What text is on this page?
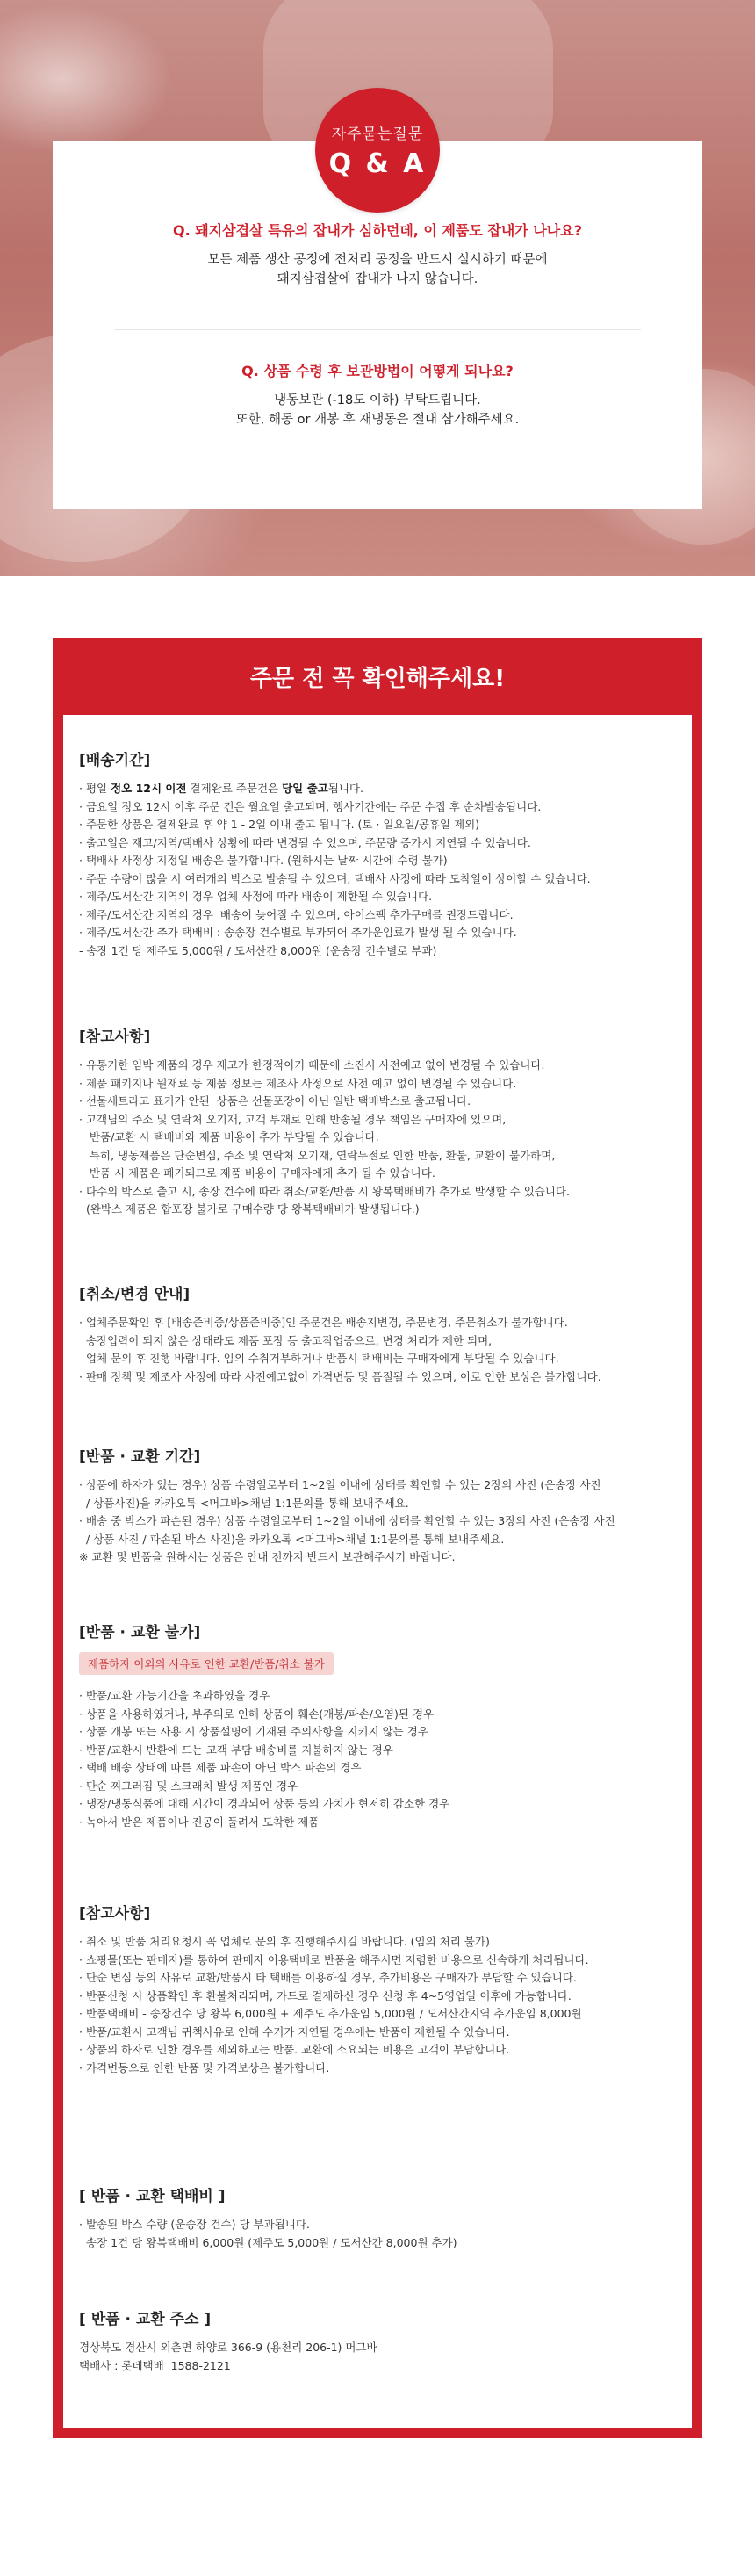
Q. 돼지삼겹살 특유의 잡내가 심하던데, 이 제품도 잡내가 나나요?
모든 제품 생산 공정에 전처리 공정을 반드시 실시하기 때문에
돼지삼겹살에 잡내가 나지 않습니다.
Q. 상품 수령 후 보관방법이 어떻게 되나요?
냉동보관 (-18도 이하) 부탁드립니다.
또한, 해동 or 개봉 후 재냉동은 절대 삼가해주세요.
자주묻는질문
Q & A
주문 전 꼭 확인해주세요!
[배송기간]
· 평일 정오 12시 이전 결제완료 주문건은 당일 출고됩니다.
· 금요일 정오 12시 이후 주문 건은 월요일 출고되며, 행사기간에는 주문 수집 후 순차발송됩니다.
· 주문한 상품은 결제완료 후 약 1 - 2일 이내 출고 됩니다. (토 · 일요일/공휴일 제외)
· 출고일은 재고/지역/택배사 상황에 따라 변경될 수 있으며, 주문량 증가시 지연될 수 있습니다.
· 택배사 사정상 지정일 배송은 불가합니다. (원하시는 날짜 시간에 수령 불가)
· 주문 수량이 많을 시 여러개의 박스로 발송될 수 있으며, 택배사 사정에 따라 도착일이 상이할 수 있습니다.
· 제주/도서산간 지역의 경우 업체 사정에 따라 배송이 제한될 수 있습니다.
· 제주/도서산간 지역의 경우  배송이 늦어질 수 있으며, 아이스팩 추가구매를 권장드립니다.
· 제주/도서산간 추가 택배비 : 송송장 건수별로 부과되어 추가운임료가 발생 될 수 있습니다.
- 송장 1건 당 제주도 5,000원 / 도서산간 8,000원 (운송장 건수별로 부과)
[참고사항]
· 유통기한 임박 제품의 경우 재고가 한정적이기 때문에 소진시 사전예고 없이 변경될 수 있습니다.
· 제품 패키지나 원재료 등 제품 정보는 제조사 사정으로 사전 예고 없이 변경될 수 있습니다.
· 선물세트라고 표기가 안된  상품은 선물포장이 아닌 일반 택배박스로 출고됩니다.
· 고객님의 주소 및 연락처 오기재, 고객 부재로 인해 반송될 경우 책임은 구매자에 있으며,
반품/교환 시 택배비와 제품 비용이 추가 부담될 수 있습니다.
특히, 냉동제품은 단순변심, 주소 및 연락처 오기재, 연락두절로 인한 반품, 환불, 교환이 불가하며,
반품 시 제품은 폐기되므로 제품 비용이 구매자에게 추가 될 수 있습니다.
· 다수의 박스로 출고 시, 송장 건수에 따라 취소/교환/반품 시 왕복택배비가 추가로 발생할 수 있습니다.
(완박스 제품은 합포장 불가로 구매수량 당 왕복택배비가 발생됩니다.)
[취소/변경 안내]
· 업체주문확인 후 [배송준비중/상품준비중]인 주문건은 배송지변경, 주문변경, 주문취소가 불가합니다.
송장입력이 되지 않은 상태라도 제품 포장 등 출고작업중으로, 변경 처리가 제한 되며,
업체 문의 후 진행 바랍니다. 임의 수취거부하거나 반품시 택배비는 구매자에게 부담될 수 있습니다.
· 판매 정책 및 제조사 사정에 따라 사전예고없이 가격변동 및 품절될 수 있으며, 이로 인한 보상은 불가합니다.
[반품 · 교환 기간]
· 상품에 하자가 있는 경우) 상품 수령일로부터 1~2일 이내에 상태를 확인할 수 있는 2장의 사진 (운송장 사진
/ 상품사진)을 카카오톡 <머그바>채널 1:1문의를 통해 보내주세요.
· 배송 중 박스가 파손된 경우) 상품 수령일로부터 1~2일 이내에 상태를 확인할 수 있는 3장의 사진 (운송장 사진
/ 상품 사진 / 파손된 박스 사진)을 카카오톡 <머그바>채널 1:1문의를 통해 보내주세요.
※ 교환 및 반품을 원하시는 상품은 안내 전까지 반드시 보관해주시기 바랍니다.
[반품 · 교환 불가]
제품하자 이외의 사유로 인한 교환/반품/취소 불가
· 반품/교환 가능기간을 초과하였을 경우
· 상품을 사용하였거나, 부주의로 인해 상품이 훼손(개봉/파손/오염)된 경우
· 상품 개봉 또는 사용 시 상품설명에 기재된 주의사항을 지키지 않는 경우
· 반품/교환시 반환에 드는 고객 부담 배송비를 지불하지 않는 경우
· 택배 배송 상태에 따른 제품 파손이 아닌 박스 파손의 경우
· 단순 찌그러짐 및 스크래치 발생 제품인 경우
· 냉장/냉동식품에 대해 시간이 경과되어 상품 등의 가치가 현저히 감소한 경우
· 녹아서 받은 제품이나 진공이 풀려서 도착한 제품
[참고사항]
· 취소 및 반품 처리요청시 꼭 업체로 문의 후 진행해주시길 바랍니다. (임의 처리 불가)
· 쇼핑몰(또는 판매자)를 통하여 판매자 이용택배로 반품을 해주시면 저렴한 비용으로 신속하게 처리됩니다.
· 단순 변심 등의 사유로 교환/반품시 타 택배를 이용하실 경우, 추가비용은 구매자가 부담할 수 있습니다.
· 반품신청 시 상품확인 후 환불처리되며, 카드로 결제하신 경우 신청 후 4~5영업일 이후에 가능합니다.
· 반품택배비 - 송장건수 당 왕복 6,000원 + 제주도 추가운임 5,000원 / 도서산간지역 추가운임 8,000원
· 반품/교환시 고객님 귀책사유로 인해 수거가 지연될 경우에는 반품이 제한될 수 있습니다.
· 상품의 하자로 인한 경우를 제외하고는 반품. 교환에 소요되는 비용은 고객이 부담합니다.
· 가격변동으로 인한 반품 및 가격보상은 불가합니다.
[ 반품 · 교환 택배비 ]
· 발송된 박스 수량 (운송장 건수) 당 부과됩니다.
송장 1건 당 왕복택배비 6,000원 (제주도 5,000원 / 도서산간 8,000원 추가)
[ 반품 · 교환 주소 ]
경상북도 경산시 외촌면 하양로 366-9 (용천리 206-1) 머그바
택배사 : 롯데택배  1588-2121
